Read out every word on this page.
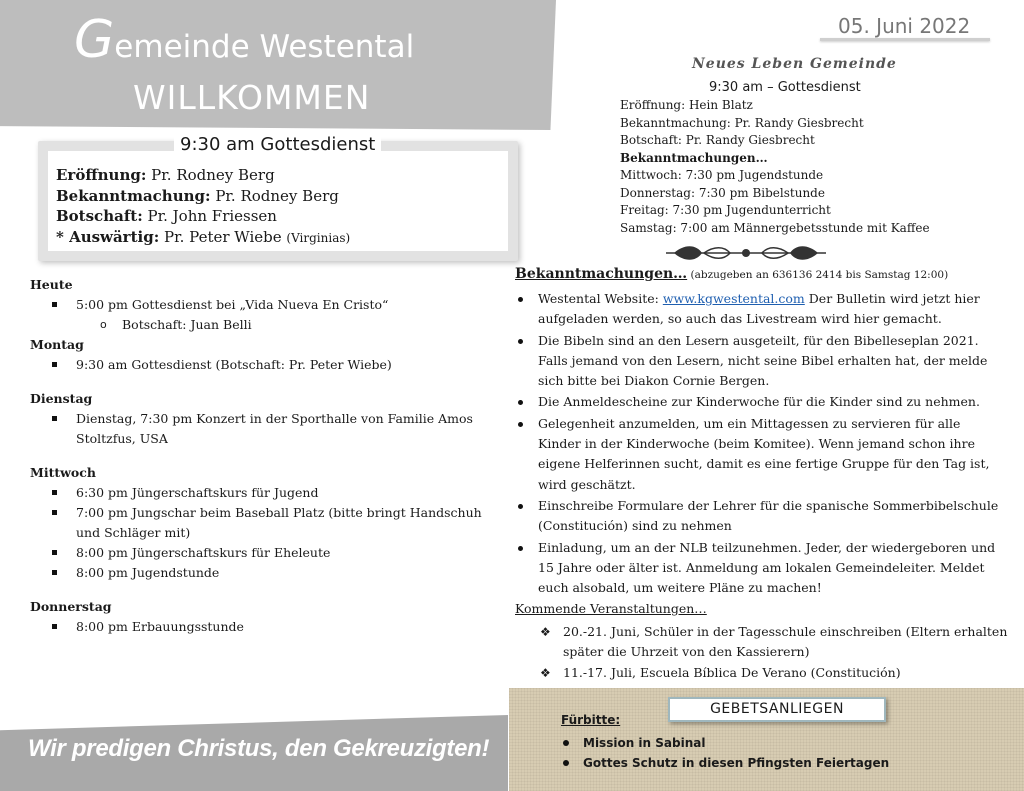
Gemeinde Westental
WILLKOMMEN
9:30 am Gottesdienst
Eröffnung: Pr. Rodney Berg
Bekanntmachung: Pr. Rodney Berg
Botschaft: Pr. John Friessen
* Auswärtig: Pr. Peter Wiebe (Virginias)
Heute
5:00 pm Gottesdienst bei „Vida Nueva En Cristo“
o Botschaft: Juan Belli
Montag
9:30 am Gottesdienst (Botschaft: Pr. Peter Wiebe)
Dienstag
Dienstag, 7:30 pm Konzert in der Sporthalle von Familie Amos Stoltzfus, USA
Mittwoch
6:30 pm Jüngerschaftskurs für Jugend
7:00 pm Jungschar beim Baseball Platz (bitte bringt Handschuh und Schläger mit)
8:00 pm Jüngerschaftskurs für Eheleute
8:00 pm Jugendstunde
Donnerstag
8:00 pm Erbauungsstunde
Wir predigen Christus, den Gekreuzigten!
05. Juni 2022
Neues Leben Gemeinde
9:30 am – Gottesdienst
Eröffnung: Hein Blatz
Bekanntmachung: Pr. Randy Giesbrecht
Botschaft: Pr. Randy Giesbrecht
Bekanntmachungen…
Mittwoch: 7:30 pm Jugendstunde
Donnerstag: 7:30 pm Bibelstunde
Freitag: 7:30 pm Jugendunterricht
Samstag: 7:00 am Männergebetsstunde mit Kaffee
Bekanntmachungen… (abzugeben an 636136 2414 bis Samstag 12:00)
Westental Website: www.kgwestental.com Der Bulletin wird jetzt hier aufgeladen werden, so auch das Livestream wird hier gemacht.
Die Bibeln sind an den Lesern ausgeteilt, für den Bibelleseplan 2021. Falls jemand von den Lesern, nicht seine Bibel erhalten hat, der melde sich bitte bei Diakon Cornie Bergen.
Die Anmeldescheine zur Kinderwoche für die Kinder sind zu nehmen.
Gelegenheit anzumelden, um ein Mittagessen zu servieren für alle Kinder in der Kinderwoche (beim Komitee). Wenn jemand schon ihre eigene Helferinnen sucht, damit es eine fertige Gruppe für den Tag ist, wird geschätzt.
Einschreibe Formulare der Lehrer für die spanische Sommerbibelschule (Constitución) sind zu nehmen
Einladung, um an der NLB teilzunehmen. Jeder, der wiedergeboren und 15 Jahre oder älter ist. Anmeldung am lokalen Gemeindeleiter. Meldet euch alsobald, um weitere Pläne zu machen!
Kommende Veranstaltungen…
❖ 20.-21. Juni, Schüler in der Tagesschule einschreiben (Eltern erhalten später die Uhrzeit von den Kassierern)
❖ 11.-17. Juli, Escuela Bíblica De Verano (Constitución)
GEBETSANLIEGEN
Fürbitte:
Mission in Sabinal
Gottes Schutz in diesen Pfingsten Feiertagen
